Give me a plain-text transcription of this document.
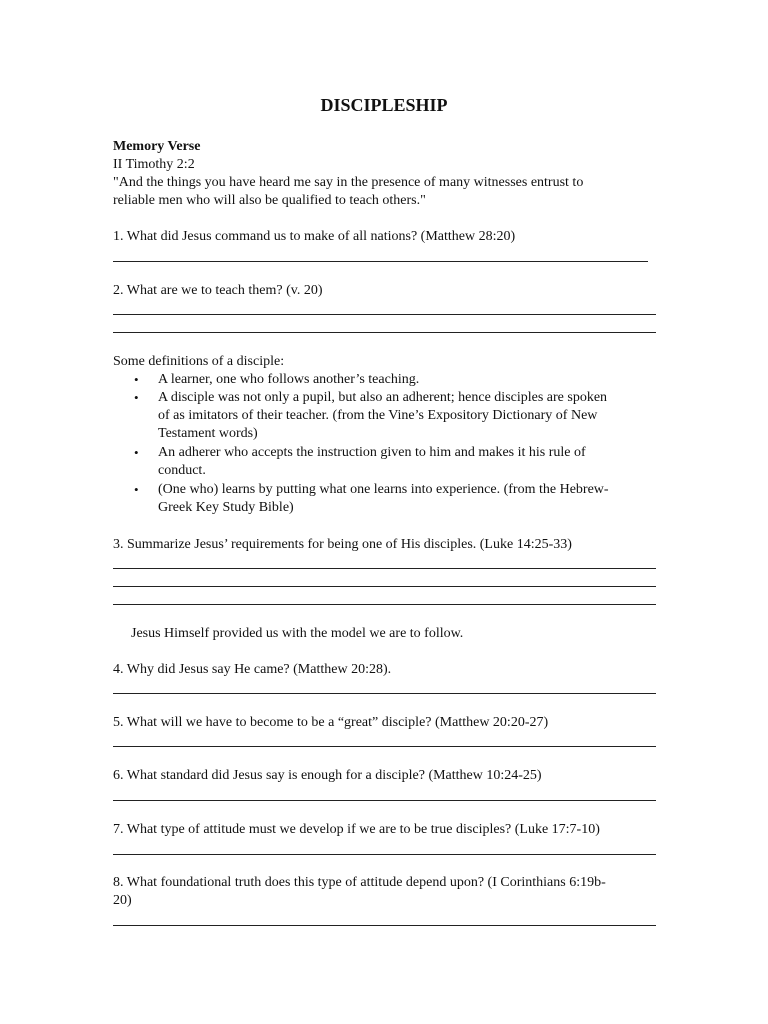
DISCIPLESHIP
Memory Verse
II Timothy 2:2
"And the things you have heard me say in the presence of many witnesses entrust to
reliable men who will also be qualified to teach others."
1. What did Jesus command us to make of all nations? (Matthew 28:20)
2. What are we to teach them? (v. 20)
Some definitions of a disciple:
• A learner, one who follows another’s teaching.
• A disciple was not only a pupil, but also an adherent; hence disciples are spoken
of as imitators of their teacher. (from the Vine’s Expository Dictionary of New
Testament words)
• An adherer who accepts the instruction given to him and makes it his rule of
conduct.
• (One who) learns by putting what one learns into experience. (from the Hebrew-
Greek Key Study Bible)
3. Summarize Jesus’ requirements for being one of His disciples. (Luke 14:25-33)
Jesus Himself provided us with the model we are to follow.
4. Why did Jesus say He came? (Matthew 20:28).
5. What will we have to become to be a “great” disciple? (Matthew 20:20-27)
6. What standard did Jesus say is enough for a disciple? (Matthew 10:24-25)
7. What type of attitude must we develop if we are to be true disciples? (Luke 17:7-10)
8. What foundational truth does this type of attitude depend upon? (I Corinthians 6:19b-
20)
